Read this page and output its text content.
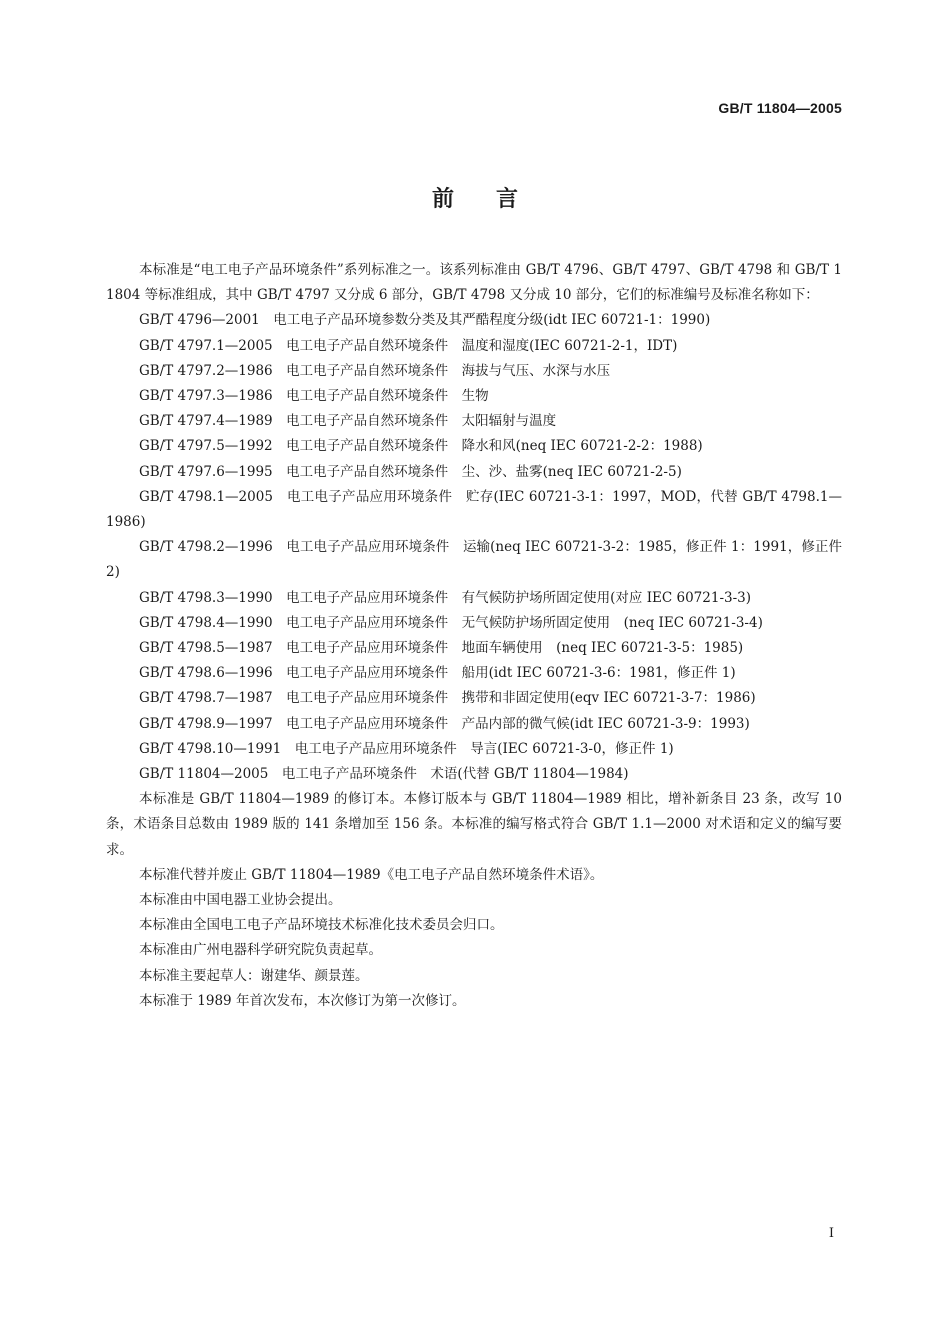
GB/T 11804—2005
前言

本标准是“电工电子产品环境条件”系列标准之一。该系列标准由 GB/T 4796、GB/T 4797、GB/T 4798 和 GB/T 11804 等标准组成，其中 GB/T 4797 又分成 6 部分，GB/T 4798 又分成 10 部分，它们的标准编号及标准名称如下：

GB/T 4796—2001　电工电子产品环境参数分类及其严酷程度分级(idt IEC 60721-1：1990)

GB/T 4797.1—2005　电工电子产品自然环境条件　温度和湿度(IEC 60721-2-1，IDT)

GB/T 4797.2—1986　电工电子产品自然环境条件　海拔与气压、水深与水压

GB/T 4797.3—1986　电工电子产品自然环境条件　生物

GB/T 4797.4—1989　电工电子产品自然环境条件　太阳辐射与温度

GB/T 4797.5—1992　电工电子产品自然环境条件　降水和风(neq IEC 60721-2-2：1988)

GB/T 4797.6—1995　电工电子产品自然环境条件　尘、沙、盐雾(neq IEC 60721-2-5)

GB/T 4798.1—2005　电工电子产品应用环境条件　贮存(IEC 60721-3-1：1997，MOD，代替 GB/T 4798.1—1986)

GB/T 4798.2—1996　电工电子产品应用环境条件　运输(neq IEC 60721-3-2：1985，修正件 1：1991，修正件 2)

GB/T 4798.3—1990　电工电子产品应用环境条件　有气候防护场所固定使用(对应 IEC 60721-3-3)

GB/T 4798.4—1990　电工电子产品应用环境条件　无气候防护场所固定使用　(neq IEC 60721-3-4)

GB/T 4798.5—1987　电工电子产品应用环境条件　地面车辆使用　(neq IEC 60721-3-5：1985)

GB/T 4798.6—1996　电工电子产品应用环境条件　船用(idt IEC 60721-3-6：1981，修正件 1)

GB/T 4798.7—1987　电工电子产品应用环境条件　携带和非固定使用(eqv IEC 60721-3-7：1986)

GB/T 4798.9—1997　电工电子产品应用环境条件　产品内部的微气候(idt IEC 60721-3-9：1993)

GB/T 4798.10—1991　电工电子产品应用环境条件　导言(IEC 60721-3-0，修正件 1)

GB/T 11804—2005　电工电子产品环境条件　术语(代替 GB/T 11804—1984)

本标准是 GB/T 11804—1989 的修订本。本修订版本与 GB/T 11804—1989 相比，增补新条目 23 条，改写 10 条，术语条目总数由 1989 版的 141 条增加至 156 条。本标准的编写格式符合 GB/T 1.1—2000 对术语和定义的编写要求。

本标准代替并废止 GB/T 11804—1989《电工电子产品自然环境条件术语》。

本标准由中国电器工业协会提出。

本标准由全国电工电子产品环境技术标准化技术委员会归口。

本标准由广州电器科学研究院负责起草。

本标准主要起草人：谢建华、颜景莲。

本标准于 1989 年首次发布，本次修订为第一次修订。

I
